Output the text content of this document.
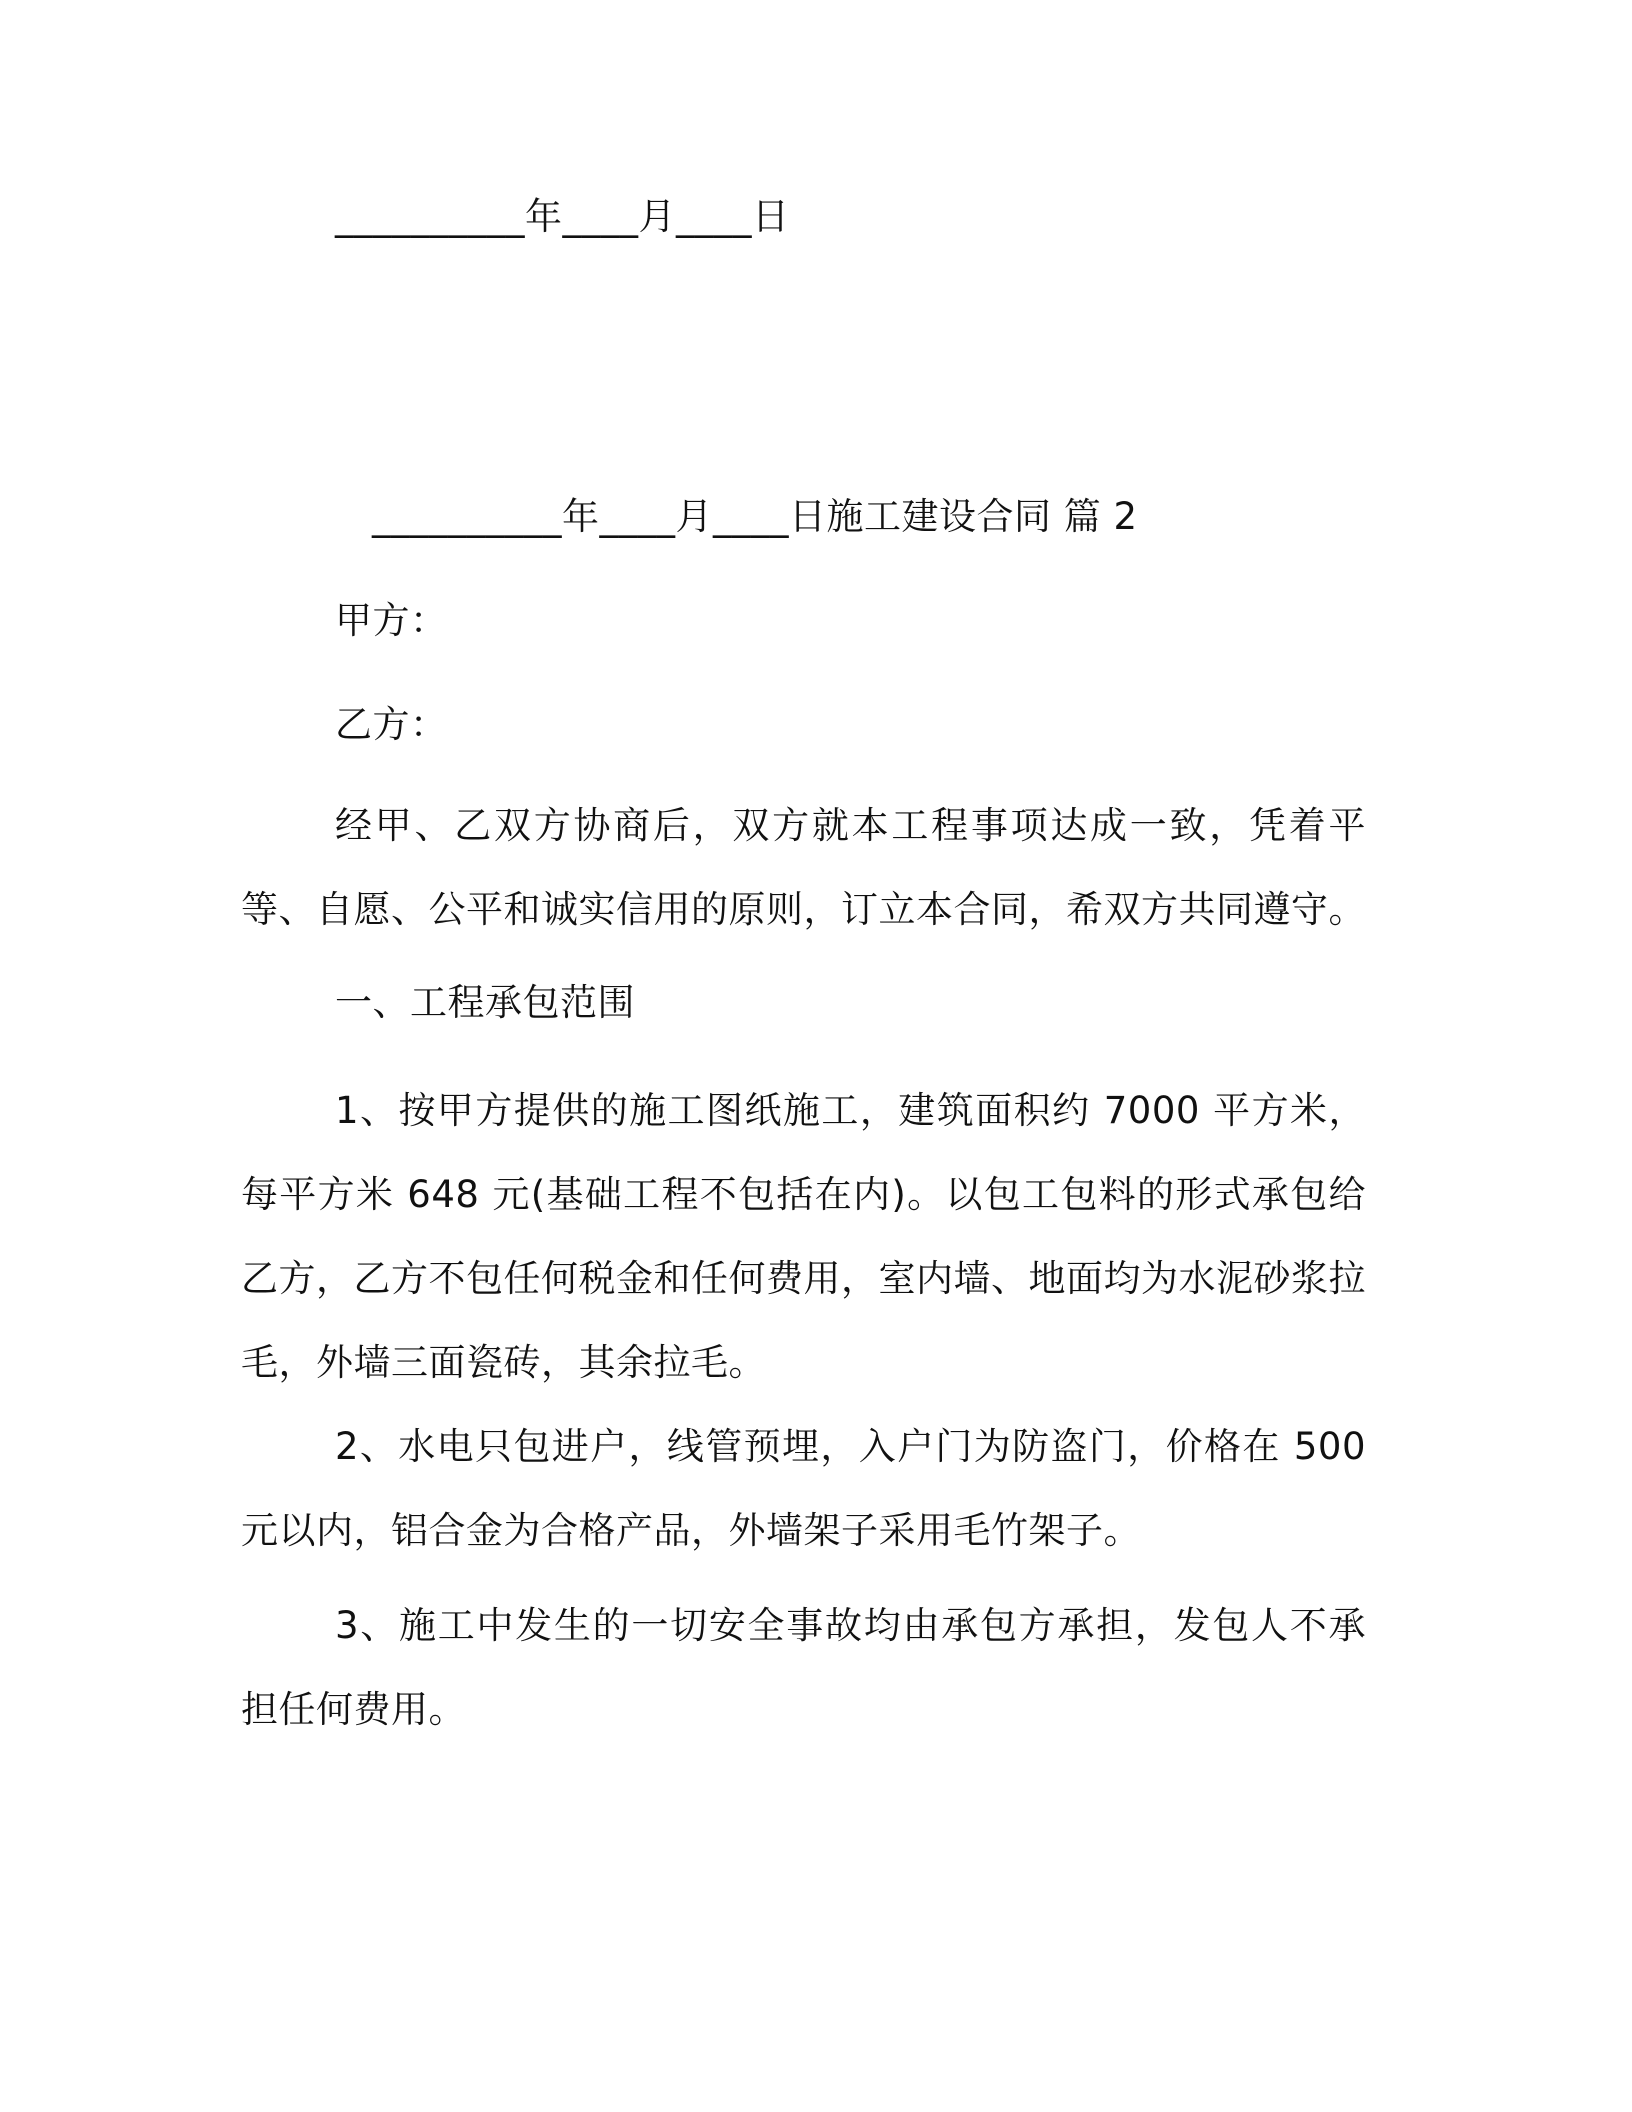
__________年____月____日
__________年____月____日施工建设合同 篇 2
甲方：
乙方：
经甲、乙双方协商后，双方就本工程事项达成一致，凭着平等、自愿、公平和诚实信用的原则，订立本合同，希双方共同遵守。
一、工程承包范围
1、按甲方提供的施工图纸施工，建筑面积约 7000 平方米，每平方米 648 元(基础工程不包括在内)。以包工包料的形式承包给乙方，乙方不包任何税金和任何费用，室内墙、地面均为水泥砂浆拉毛，外墙三面瓷砖，其余拉毛。
2、水电只包进户，线管预埋，入户门为防盗门，价格在 500 元以内，铝合金为合格产品，外墙架子采用毛竹架子。
3、施工中发生的一切安全事故均由承包方承担，发包人不承担任何费用。
